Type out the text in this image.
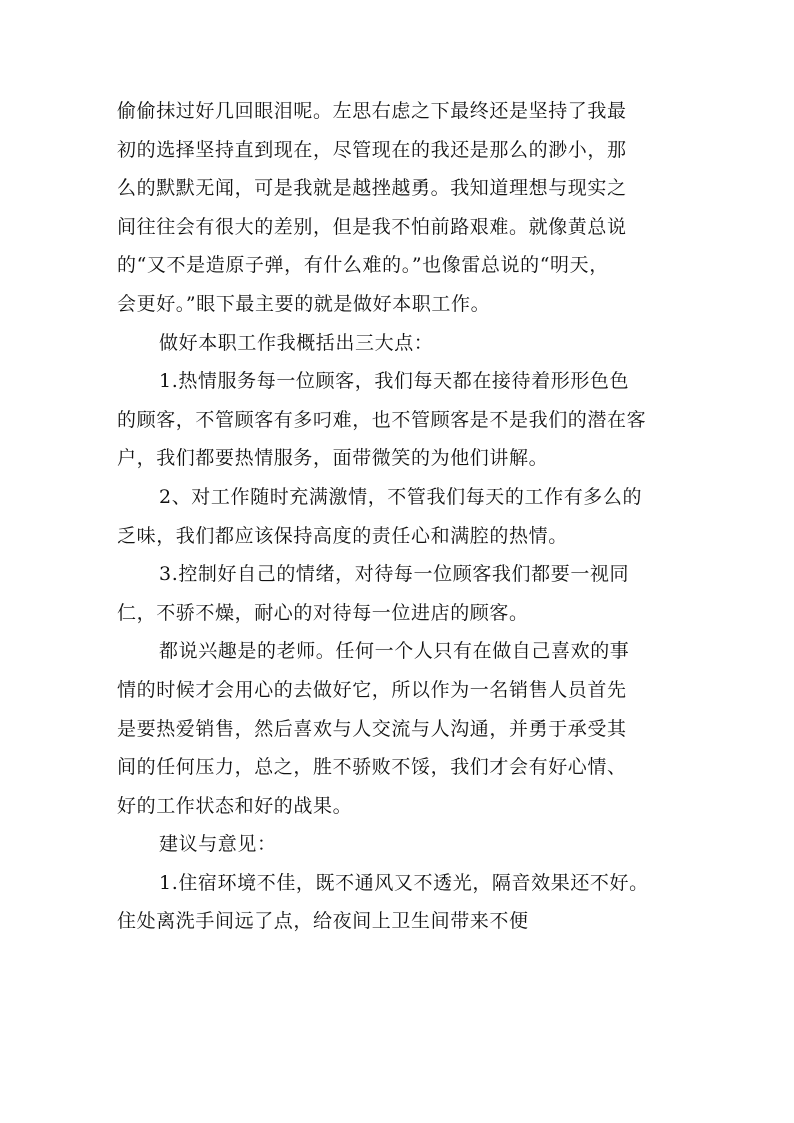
偷偷抹过好几回眼泪呢。左思右虑之下最终还是坚持了我最
初的选择坚持直到现在，尽管现在的我还是那么的渺小，那
么的默默无闻，可是我就是越挫越勇。我知道理想与现实之
间往往会有很大的差别，但是我不怕前路艰难。就像黄总说
的“又不是造原子弹，有什么难的。”也像雷总说的“明天，
会更好。”眼下最主要的就是做好本职工作。
做好本职工作我概括出三大点：
1.热情服务每一位顾客，我们每天都在接待着形形色色
的顾客，不管顾客有多叼难，也不管顾客是不是我们的潜在客
户，我们都要热情服务，面带微笑的为他们讲解。
2、对工作随时充满激情，不管我们每天的工作有多么的
乏味，我们都应该保持高度的责任心和满腔的热情。
3.控制好自己的情绪，对待每一位顾客我们都要一视同
仁，不骄不燥，耐心的对待每一位进店的顾客。
都说兴趣是的老师。任何一个人只有在做自己喜欢的事
情的时候才会用心的去做好它，所以作为一名销售人员首先
是要热爱销售，然后喜欢与人交流与人沟通，并勇于承受其
间的任何压力，总之，胜不骄败不馁，我们才会有好心情、
好的工作状态和好的战果。
建议与意见：
1.住宿环境不佳，既不通风又不透光，隔音效果还不好。
住处离洗手间远了点，给夜间上卫生间带来不便
